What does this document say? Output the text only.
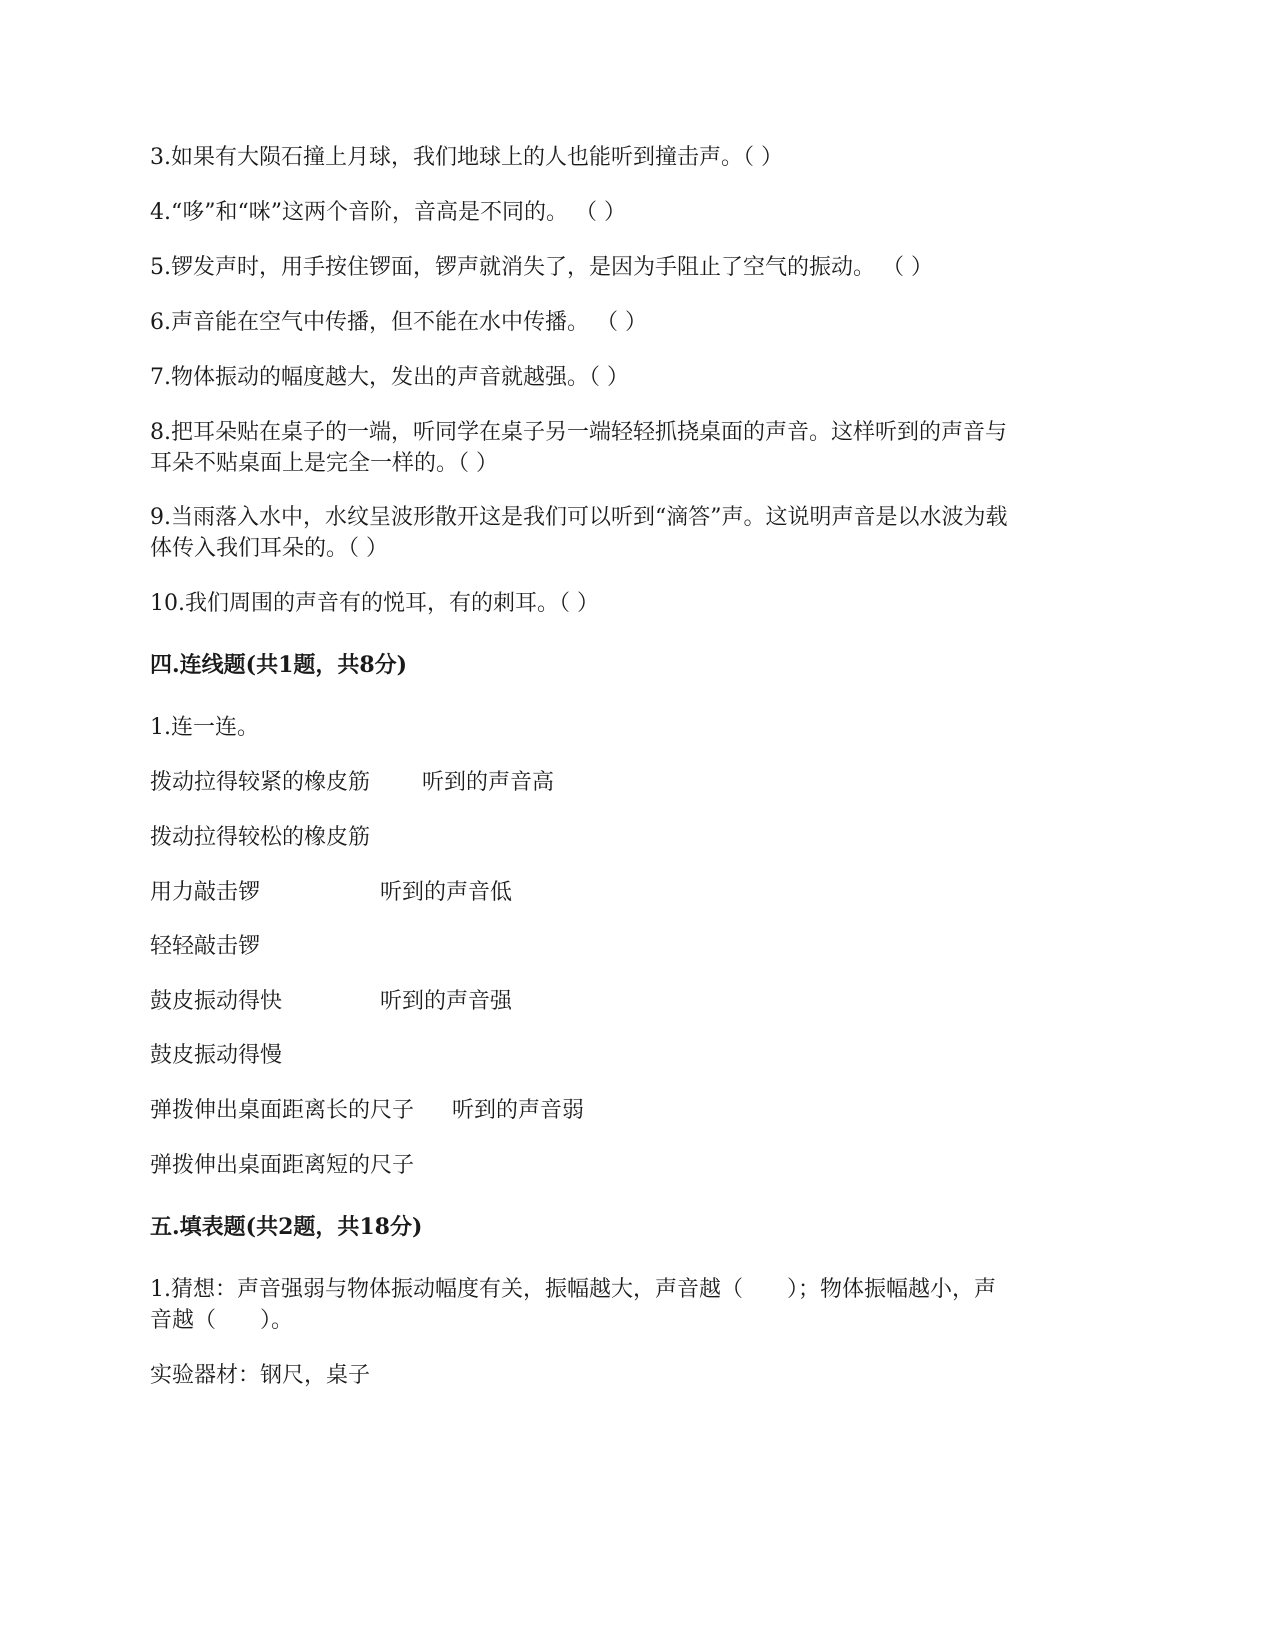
3.如果有大陨石撞上月球，我们地球上的人也能听到撞击声。（ ）
4.“哆”和“咪”这两个音阶，音高是不同的。 （ ）
5.锣发声时，用手按住锣面，锣声就消失了，是因为手阻止了空气的振动。 （ ）
6.声音能在空气中传播，但不能在水中传播。 （ ）
7.物体振动的幅度越大，发出的声音就越强。（ ）
8.把耳朵贴在桌子的一端，听同学在桌子另一端轻轻抓挠桌面的声音。这样听到的声音与
耳朵不贴桌面上是完全一样的。（ ）
9.当雨落入水中，水纹呈波形散开这是我们可以听到“滴答”声。这说明声音是以水波为载
体传入我们耳朵的。（ ）
10.我们周围的声音有的悦耳，有的刺耳。（ ）
四.连线题(共1题，共8分)
1.连一连。
拨动拉得较紧的橡皮筋 听到的声音高
拨动拉得较松的橡皮筋
用力敲击锣	听到的声音低
轻轻敲击锣
鼓皮振动得快	听到的声音强
鼓皮振动得慢
弹拨伸出桌面距离长的尺子 听到的声音弱
弹拨伸出桌面距离短的尺子
五.填表题(共2题，共18分)
1.猜想：声音强弱与物体振动幅度有关，振幅越大，声音越（　　）；物体振幅越小，声
音越（　　）。
实验器材：钢尺，桌子
